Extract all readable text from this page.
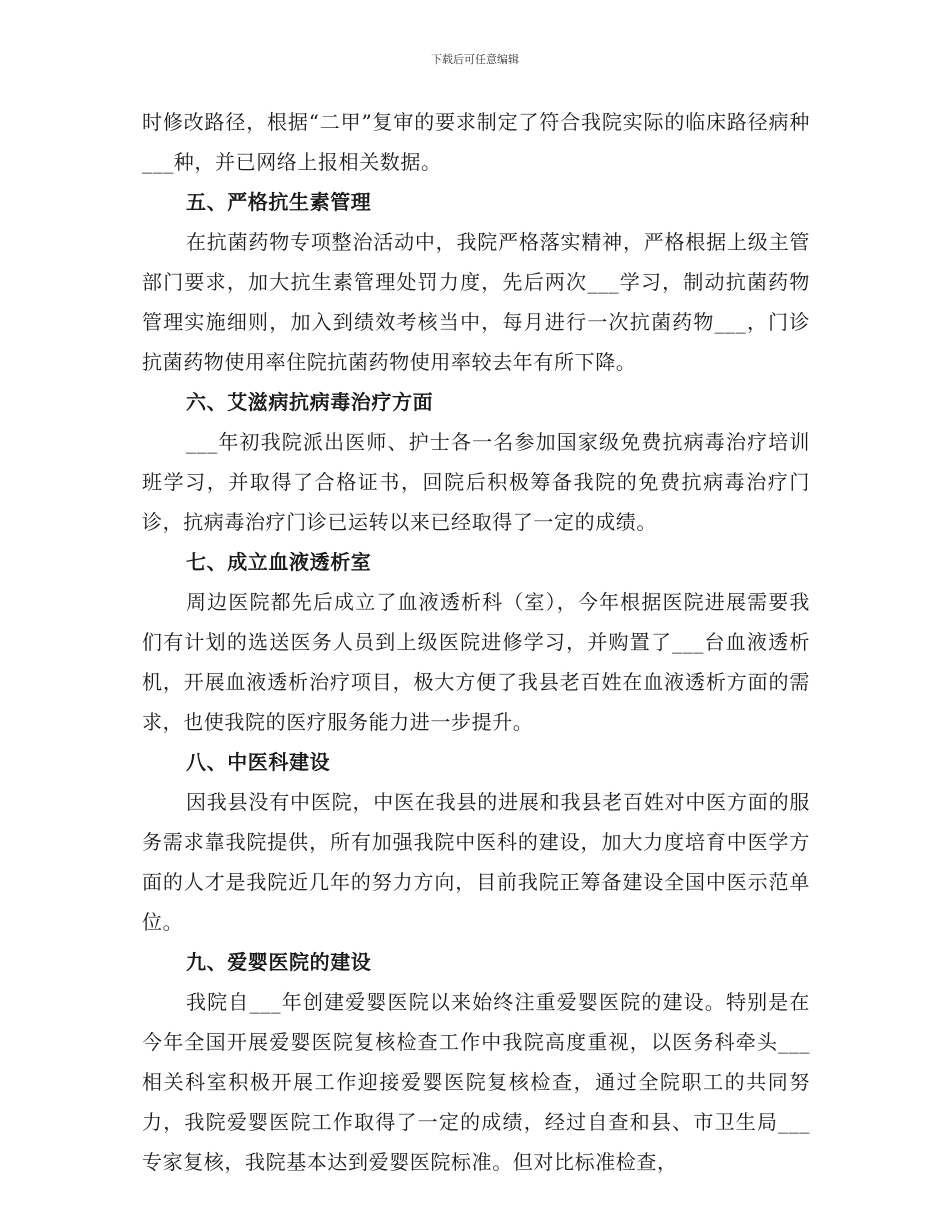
下载后可任意编辑

时修改路径，根据“二甲”复审的要求制定了符合我院实际的临床路径病种___种，并已网络上报相关数据。

五、严格抗生素管理

在抗菌药物专项整治活动中，我院严格落实精神，严格根据上级主管部门要求，加大抗生素管理处罚力度，先后两次___学习，制动抗菌药物管理实施细则，加入到绩效考核当中，每月进行一次抗菌药物___，门诊抗菌药物使用率住院抗菌药物使用率较去年有所下降。

六、艾滋病抗病毒治疗方面

___年初我院派出医师、护士各一名参加国家级免费抗病毒治疗培训班学习，并取得了合格证书，回院后积极筹备我院的免费抗病毒治疗门诊，抗病毒治疗门诊已运转以来已经取得了一定的成绩。

七、成立血液透析室

周边医院都先后成立了血液透析科（室），今年根据医院进展需要我们有计划的选送医务人员到上级医院进修学习，并购置了___台血液透析机，开展血液透析治疗项目，极大方便了我县老百姓在血液透析方面的需求，也使我院的医疗服务能力进一步提升。

八、中医科建设

因我县没有中医院，中医在我县的进展和我县老百姓对中医方面的服务需求靠我院提供，所有加强我院中医科的建设，加大力度培育中医学方面的人才是我院近几年的努力方向，目前我院正筹备建设全国中医示范单位。

九、爱婴医院的建设

我院自___年创建爱婴医院以来始终注重爱婴医院的建设。特别是在今年全国开展爱婴医院复核检查工作中我院高度重视，以医务科牵头___相关科室积极开展工作迎接爱婴医院复核检查，通过全院职工的共同努力，我院爱婴医院工作取得了一定的成绩，经过自查和县、市卫生局___专家复核，我院基本达到爱婴医院标准。但对比标准检查，
